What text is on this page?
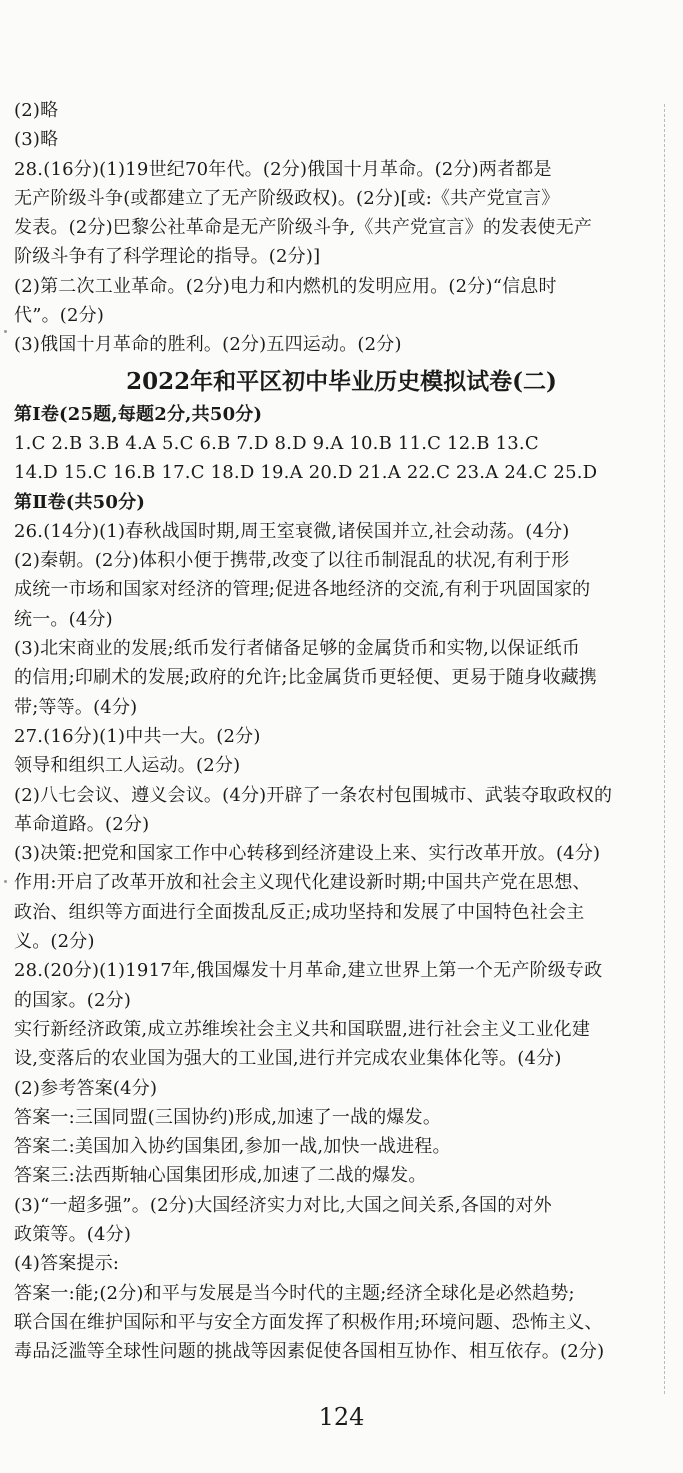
(2)略
(3)略
28.(16分)(1)19世纪70年代。(2分)俄国十月革命。(2分)两者都是
无产阶级斗争(或都建立了无产阶级政权)。(2分)[或:《共产党宣言》
发表。(2分)巴黎公社革命是无产阶级斗争,《共产党宣言》的发表使无产
阶级斗争有了科学理论的指导。(2分)]
(2)第二次工业革命。(2分)电力和内燃机的发明应用。(2分)“信息时
代”。(2分)
(3)俄国十月革命的胜利。(2分)五四运动。(2分)
2022年和平区初中毕业历史模拟试卷(二)
第Ⅰ卷(25题,每题2分,共50分)
1.C 2.B 3.B 4.A 5.C 6.B 7.D 8.D 9.A 10.B 11.C 12.B 13.C
14.D 15.C 16.B 17.C 18.D 19.A 20.D 21.A 22.C 23.A 24.C 25.D
第Ⅱ卷(共50分)
26.(14分)(1)春秋战国时期,周王室衰微,诸侯国并立,社会动荡。(4分)
(2)秦朝。(2分)体积小便于携带,改变了以往币制混乱的状况,有利于形
成统一市场和国家对经济的管理;促进各地经济的交流,有利于巩固国家的
统一。(4分)
(3)北宋商业的发展;纸币发行者储备足够的金属货币和实物,以保证纸币
的信用;印刷术的发展;政府的允许;比金属货币更轻便、更易于随身收藏携
带;等等。(4分)
27.(16分)(1)中共一大。(2分)
领导和组织工人运动。(2分)
(2)八七会议、遵义会议。(4分)开辟了一条农村包围城市、武装夺取政权的
革命道路。(2分)
(3)决策:把党和国家工作中心转移到经济建设上来、实行改革开放。(4分)
作用:开启了改革开放和社会主义现代化建设新时期;中国共产党在思想、
政治、组织等方面进行全面拨乱反正;成功坚持和发展了中国特色社会主
义。(2分)
28.(20分)(1)1917年,俄国爆发十月革命,建立世界上第一个无产阶级专政
的国家。(2分)
实行新经济政策,成立苏维埃社会主义共和国联盟,进行社会主义工业化建
设,变落后的农业国为强大的工业国,进行并完成农业集体化等。(4分)
(2)参考答案(4分)
答案一:三国同盟(三国协约)形成,加速了一战的爆发。
答案二:美国加入协约国集团,参加一战,加快一战进程。
答案三:法西斯轴心国集团形成,加速了二战的爆发。
(3)“一超多强”。(2分)大国经济实力对比,大国之间关系,各国的对外
政策等。(4分)
(4)答案提示:
答案一:能;(2分)和平与发展是当今时代的主题;经济全球化是必然趋势;
联合国在维护国际和平与安全方面发挥了积极作用;环境问题、恐怖主义、
毒品泛滥等全球性问题的挑战等因素促使各国相互协作、相互依存。(2分)
124
